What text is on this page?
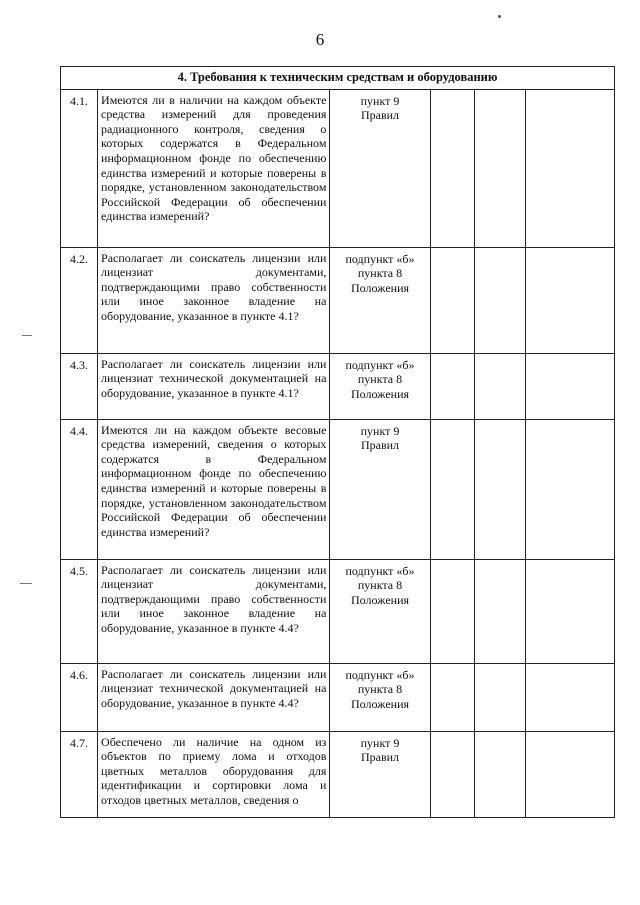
6
4. Требования к техническим средствам и оборудованию					
4.1.	Имеются ли в наличии на каждом объекте средства измерений для проведения радиационного контроля, сведения о которых содержатся в Федеральном информационном фонде по обеспечению единства измерений и которые поверены в порядке, установленном законодательством Российской Федерации об обеспечении единства измерений?	пункт 9
Правил			

4.2.	Располагает ли соискатель лицензии или лицензиат документами, подтверждающими право собственности или иное законное владение на оборудование, указанное в пункте 4.1?	подпункт «б»
пункта 8
Положения			

4.3.	Располагает ли соискатель лицензии или лицензиат технической документацией на оборудование, указанное в пункте 4.1?	подпункт «б»
пункта 8
Положения			

4.4.	Имеются ли на каждом объекте весовые средства измерений, сведения о которых содержатся в Федеральном информационном фонде по обеспечению единства измерений и которые поверены в порядке, установленном законодательством Российской Федерации об обеспечении единства измерений?	пункт 9
Правил			

4.5.	Располагает ли соискатель лицензии или лицензиат документами, подтверждающими право собственности или иное законное владение на оборудование, указанное в пункте 4.4?	подпункт «б»
пункта 8
Положения			

4.6.	Располагает ли соискатель лицензии или лицензиат технической документацией на оборудование, указанное в пункте 4.4?	подпункт «б»
пункта 8
Положения			

4.7.	Обеспечено ли наличие на одном из объектов по приему лома и отходов цветных металлов оборудования для идентификации и сортировки лома и отходов цветных металлов, сведения о	пункт 9
Правил			
